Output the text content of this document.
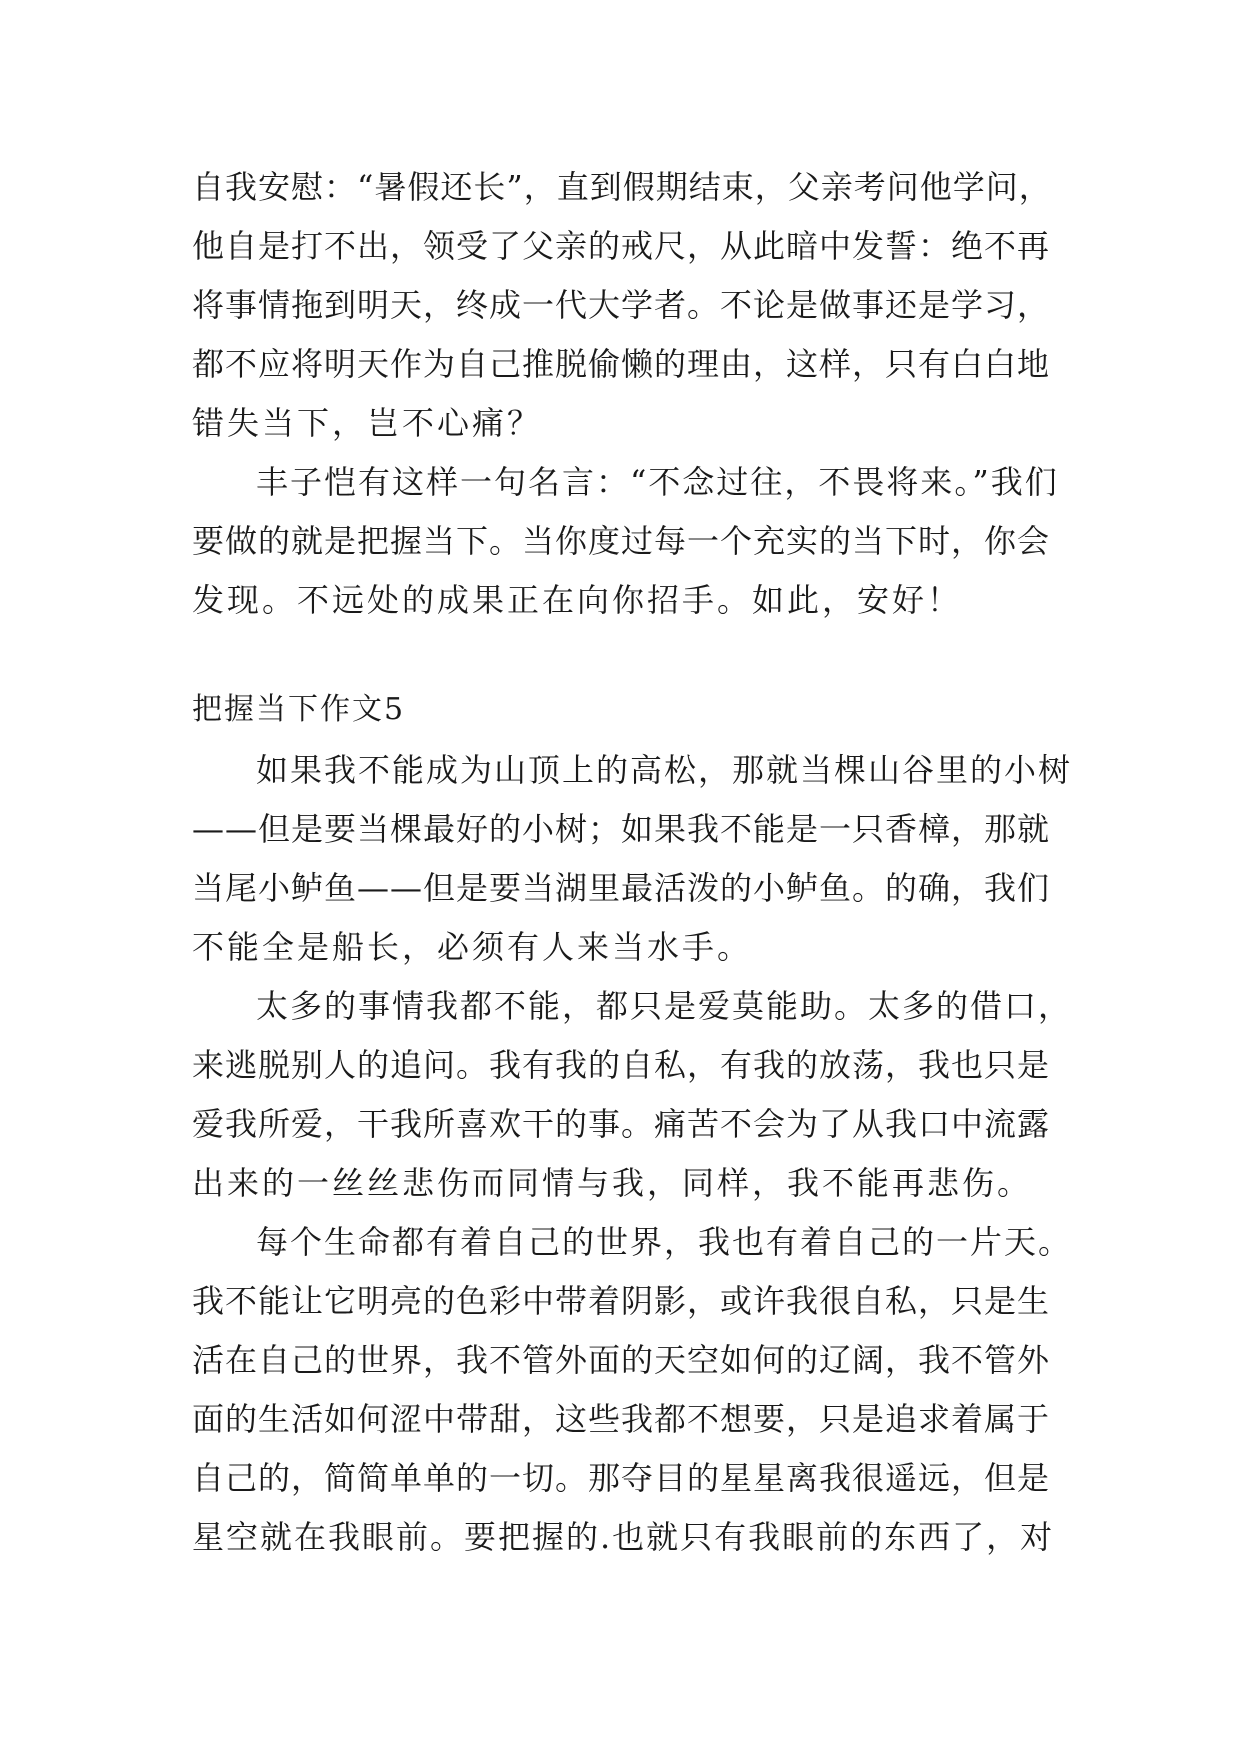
自我安慰：“暑假还长”，直到假期结束，父亲考问他学问，
他自是打不出，领受了父亲的戒尺，从此暗中发誓：绝不再
将事情拖到明天，终成一代大学者。不论是做事还是学习，
都不应将明天作为自己推脱偷懒的理由，这样，只有白白地
错失当下，岂不心痛？
丰子恺有这样一句名言：“不念过往，不畏将来。”我们
要做的就是把握当下。当你度过每一个充实的当下时，你会
发现。不远处的成果正在向你招手。如此，安好！
把握当下作文5
如果我不能成为山顶上的高松，那就当棵山谷里的小树
——但是要当棵最好的小树；如果我不能是一只香樟，那就
当尾小鲈鱼——但是要当湖里最活泼的小鲈鱼。的确，我们
不能全是船长，必须有人来当水手。
太多的事情我都不能，都只是爱莫能助。太多的借口，
来逃脱别人的追问。我有我的自私，有我的放荡，我也只是
爱我所爱，干我所喜欢干的事。痛苦不会为了从我口中流露
出来的一丝丝悲伤而同情与我，同样，我不能再悲伤。
每个生命都有着自己的世界，我也有着自己的一片天。
我不能让它明亮的色彩中带着阴影，或许我很自私，只是生
活在自己的世界，我不管外面的天空如何的辽阔，我不管外
面的生活如何涩中带甜，这些我都不想要，只是追求着属于
自己的，简简单单的一切。那夺目的星星离我很遥远，但是
星空就在我眼前。要把握的.也就只有我眼前的东西了，对
